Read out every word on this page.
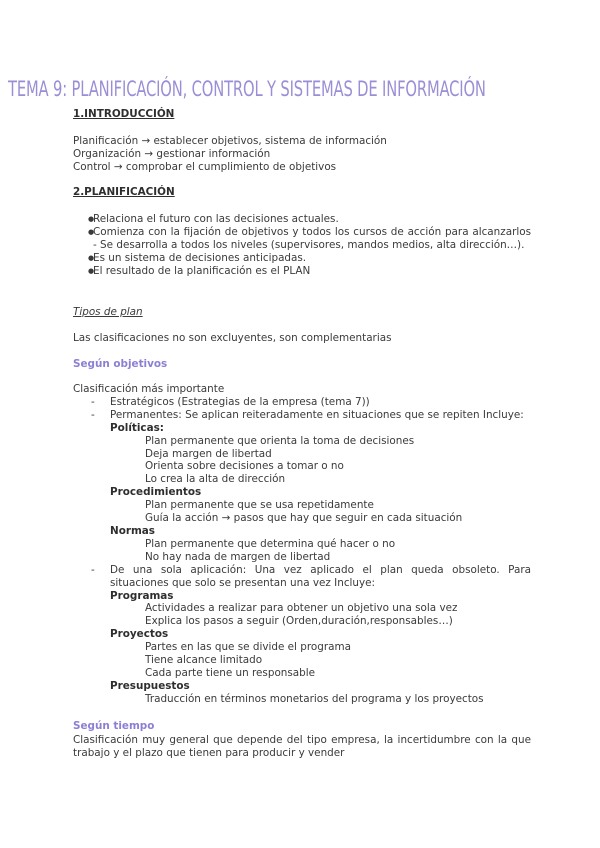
TEMA 9: PLANIFICACIÓN, CONTROL Y SISTEMAS DE INFORMACIÓN
1.INTRODUCCIÓN
Planificación → establecer objetivos, sistema de información
Organización → gestionar información
Control → comprobar el cumplimiento de objetivos
2.PLANIFICACIÓN
● Relaciona el futuro con las decisiones actuales.
● Comienza con la fijación de objetivos y todos los cursos de acción para alcanzarlos - Se desarrolla a todos los niveles (supervisores, mandos medios, alta dirección…).
● Es un sistema de decisiones anticipadas.
● El resultado de la planificación es el PLAN
Tipos de plan
Las clasificaciones no son excluyentes, son complementarias
Según objetivos
Clasificación más importante
- Estratégicos (Estrategias de la empresa (tema 7))
- Permanentes: Se aplican reiteradamente en situaciones que se repiten Incluye:
Políticas:
Plan permanente que orienta la toma de decisiones
Deja margen de libertad
Orienta sobre decisiones a tomar o no
Lo crea la alta de dirección
Procedimientos
Plan permanente que se usa repetidamente
Guía la acción → pasos que hay que seguir en cada situación
Normas
Plan permanente que determina qué hacer o no
No hay nada de margen de libertad
- De una sola aplicación: Una vez aplicado el plan queda obsoleto. Para situaciones que solo se presentan una vez Incluye:
Programas
Actividades a realizar para obtener un objetivo una sola vez
Explica los pasos a seguir (Orden,duración,responsables…)
Proyectos
Partes en las que se divide el programa
Tiene alcance limitado
Cada parte tiene un responsable
Presupuestos
Traducción en términos monetarios del programa y los proyectos
Según tiempo
Clasificación muy general que depende del tipo empresa, la incertidumbre con la que trabajo y el plazo que tienen para producir y vender
